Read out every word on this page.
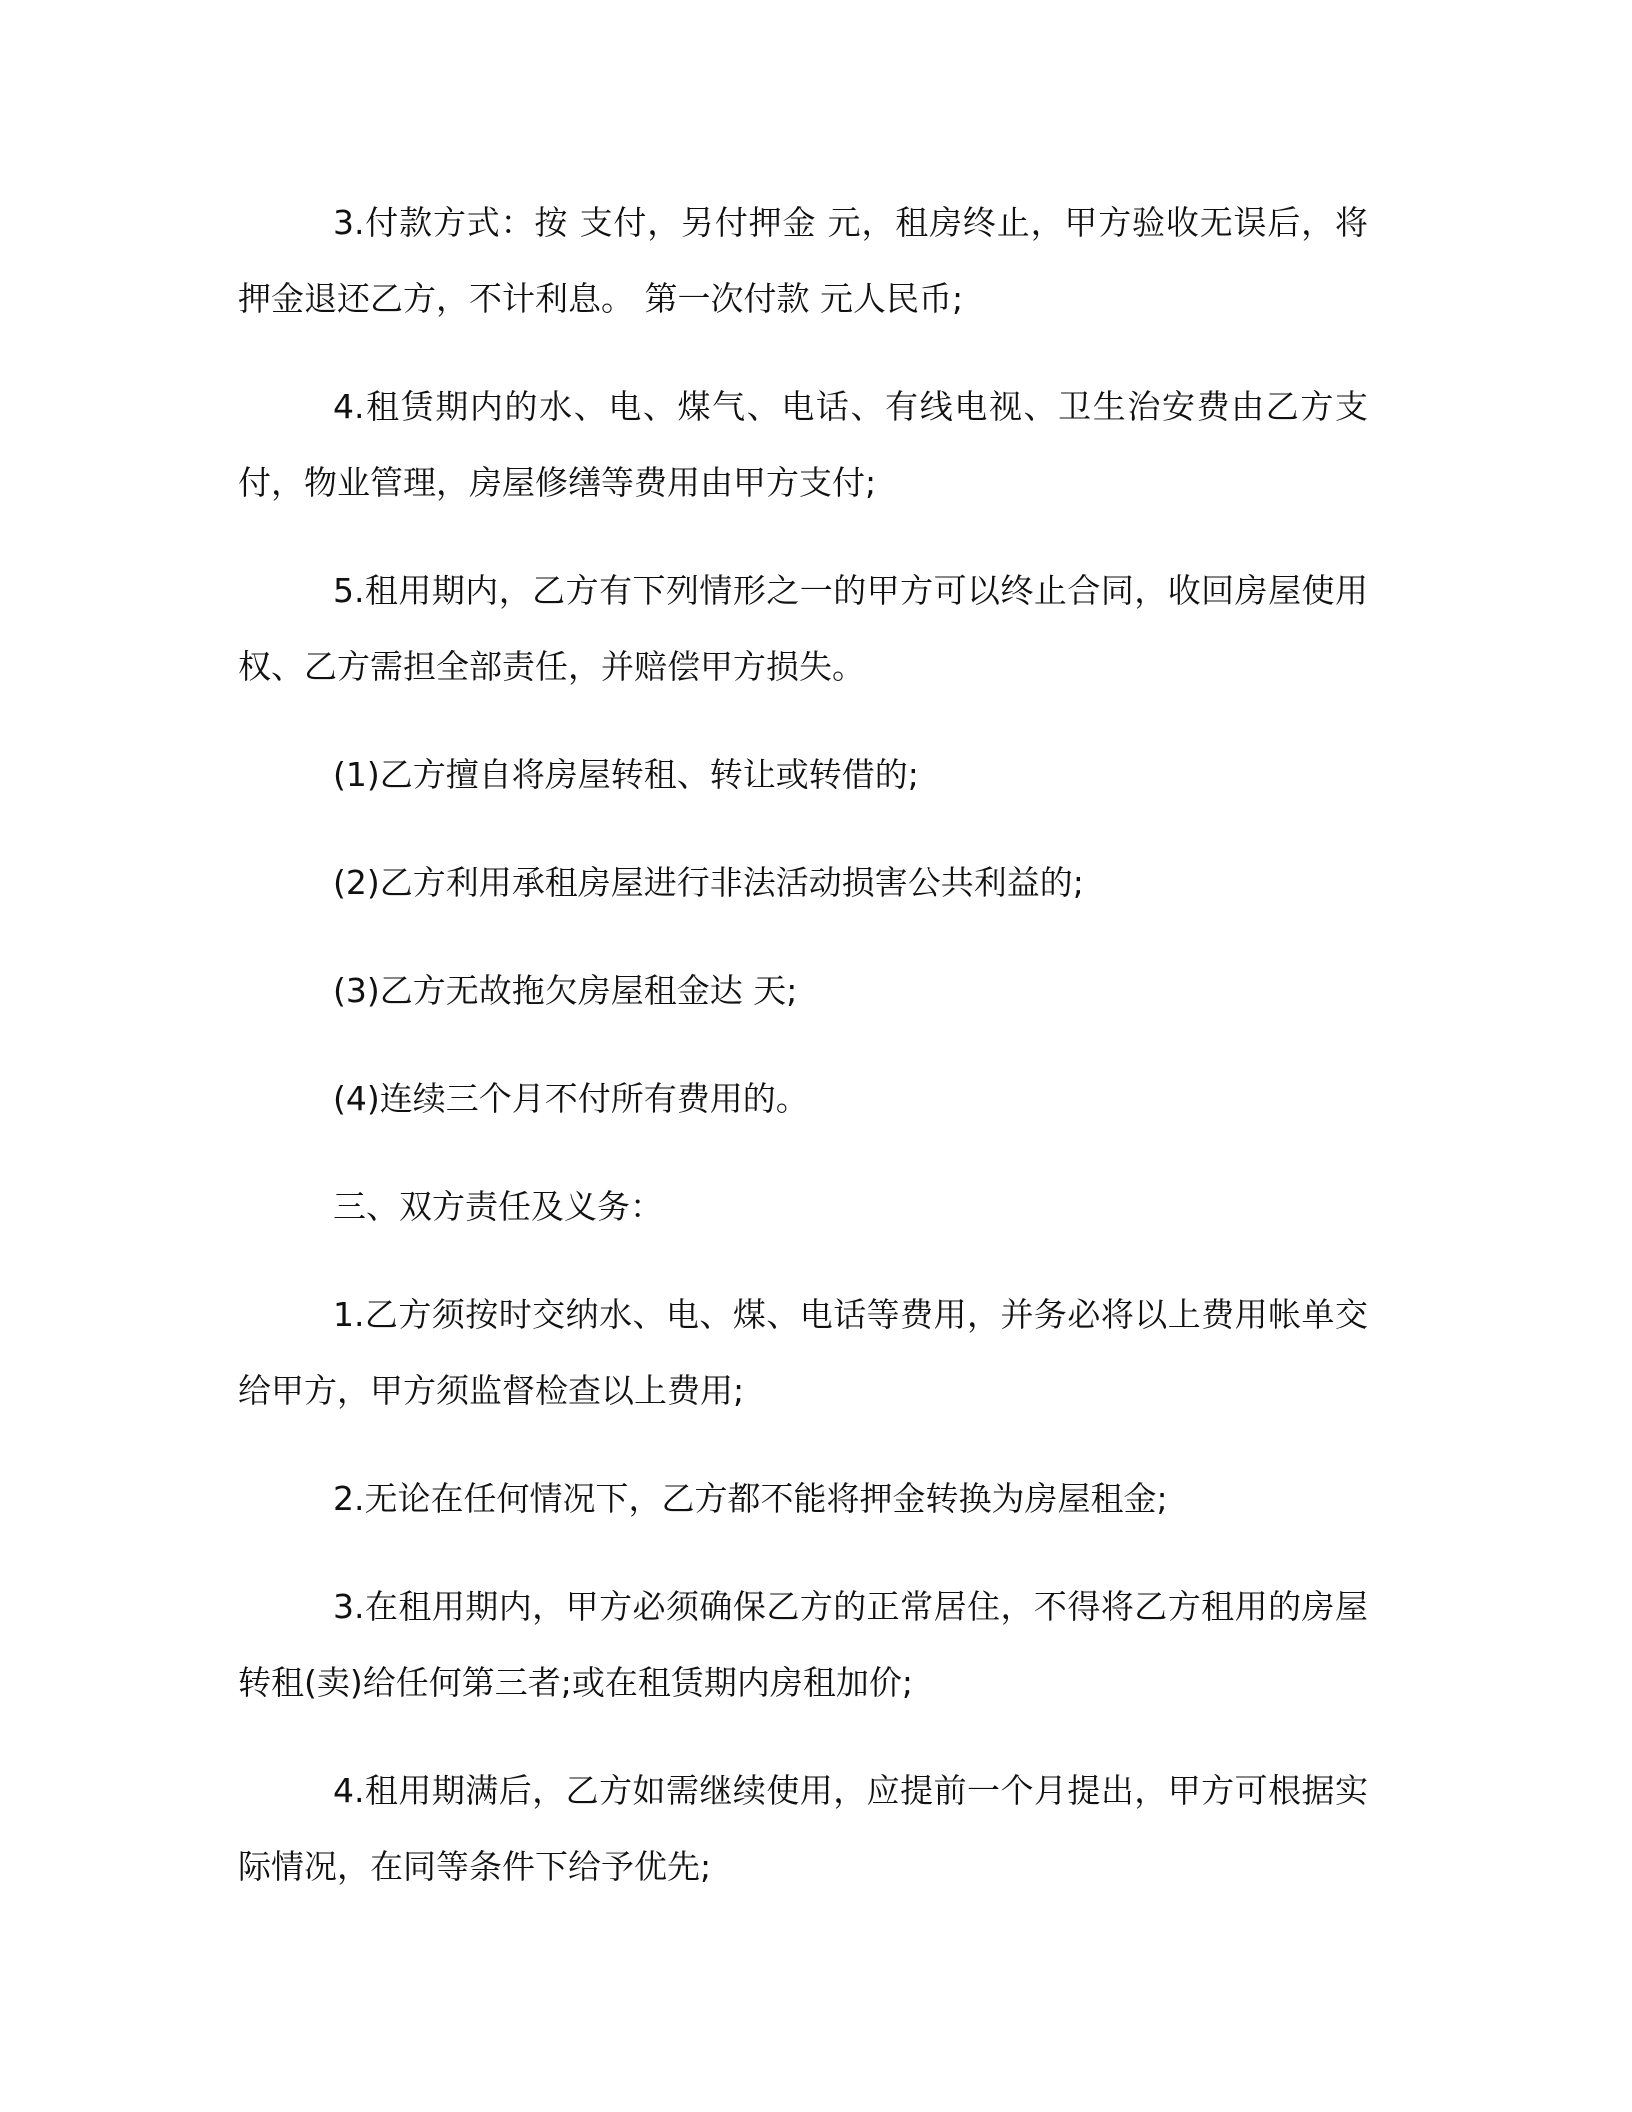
3.付款方式：按 支付，另付押金 元，租房终止，甲方验收无误后，将押金退还乙方，不计利息。 第一次付款 元人民币;

4.租赁期内的水、电、煤气、电话、有线电视、卫生治安费由乙方支付，物业管理，房屋修缮等费用由甲方支付;

5.租用期内，乙方有下列情形之一的甲方可以终止合同，收回房屋使用权、乙方需担全部责任，并赔偿甲方损失。

(1)乙方擅自将房屋转租、转让或转借的;

(2)乙方利用承租房屋进行非法活动损害公共利益的;

(3)乙方无故拖欠房屋租金达 天;

(4)连续三个月不付所有费用的。

三、双方责任及义务：

1.乙方须按时交纳水、电、煤、电话等费用，并务必将以上费用帐单交给甲方，甲方须监督检查以上费用;

2.无论在任何情况下，乙方都不能将押金转换为房屋租金;

3.在租用期内，甲方必须确保乙方的正常居住，不得将乙方租用的房屋转租(卖)给任何第三者;或在租赁期内房租加价;

4.租用期满后，乙方如需继续使用，应提前一个月提出，甲方可根据实际情况，在同等条件下给予优先;
